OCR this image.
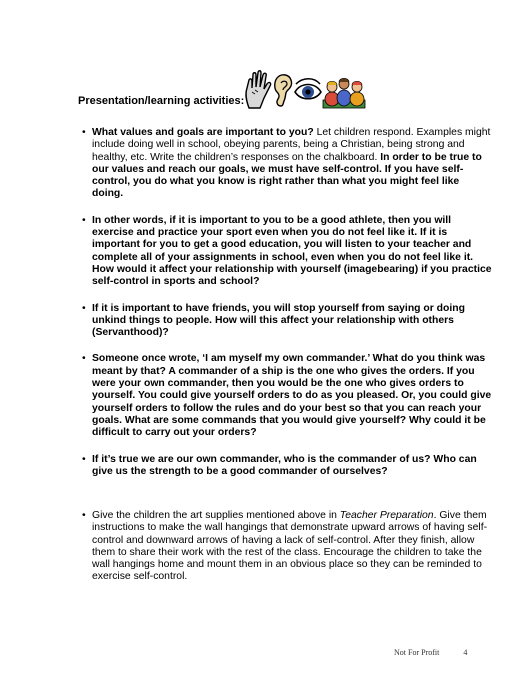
Presentation/learning activities:
• What values and goals are important to you? Let children respond. Examples might include doing well in school, obeying parents, being a Christian, being strong and healthy, etc. Write the children’s responses on the chalkboard. In order to be true to our values and reach our goals, we must have self-control. If you have self-control, you do what you know is right rather than what you might feel like doing.
• In other words, if it is important to you to be a good athlete, then you will exercise and practice your sport even when you do not feel like it. If it is important for you to get a good education, you will listen to your teacher and complete all of your assignments in school, even when you do not feel like it. How would it affect your relationship with yourself (imagebearing) if you practice self-control in sports and school?
• If it is important to have friends, you will stop yourself from saying or doing unkind things to people. How will this affect your relationship with others (Servanthood)?
• Someone once wrote, ‘I am myself my own commander.’ What do you think was meant by that? A commander of a ship is the one who gives the orders. If you were your own commander, then you would be the one who gives orders to yourself. You could give yourself orders to do as you pleased. Or, you could give yourself orders to follow the rules and do your best so that you can reach your goals. What are some commands that you would give yourself? Why could it be difficult to carry out your orders?
• If it’s true we are our own commander, who is the commander of us? Who can give us the strength to be a good commander of ourselves?
• Give the children the art supplies mentioned above in Teacher Preparation. Give them instructions to make the wall hangings that demonstrate upward arrows of having self-control and downward arrows of having a lack of self-control. After they finish, allow them to share their work with the rest of the class. Encourage the children to take the wall hangings home and mount them in an obvious place so they can be reminded to exercise self-control.
Not For Profit	4
